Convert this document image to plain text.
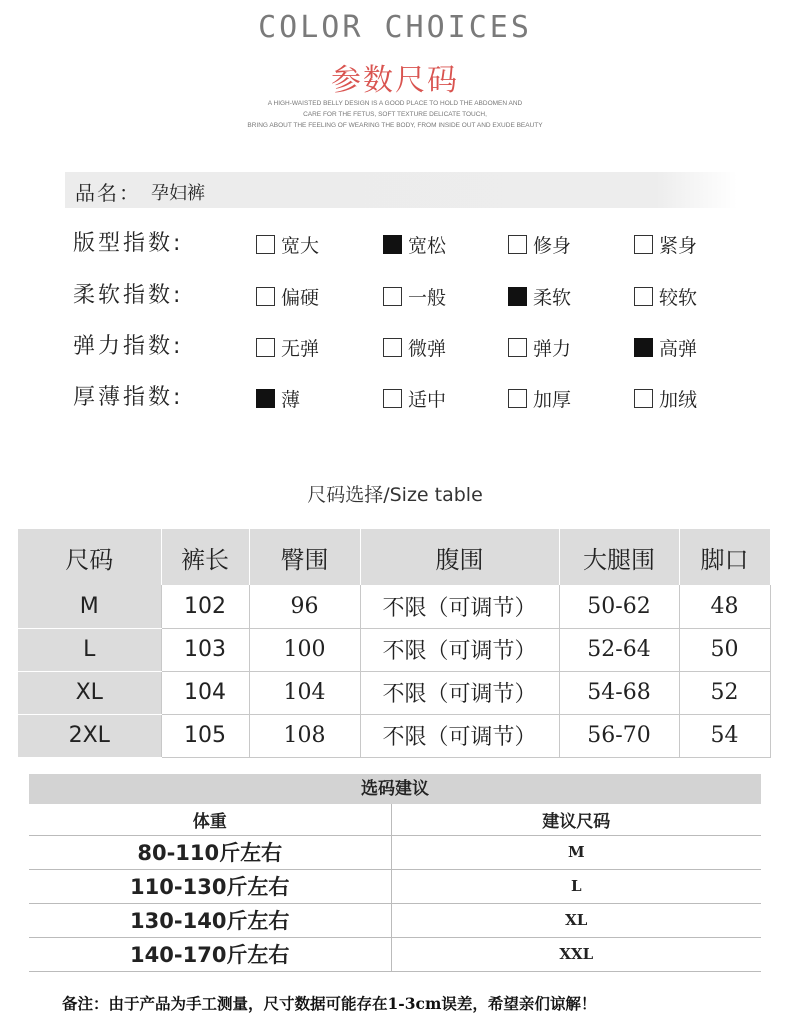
COLOR CHOICES
参数尺码
A HIGH-WAISTED BELLY DESIGN IS A GOOD PLACE TO HOLD THE ABDOMEN AND
CARE FOR THE FETUS, SOFT TEXTURE DELICATE TOUCH,
BRING ABOUT THE FEELING OF WEARING THE BODY, FROM INSIDE OUT AND EXUDE BEAUTY
品名： 孕妇裤
版型指数:	宽大	宽松	修身	紧身
柔软指数:	偏硬	一般	柔软	较软
弹力指数:	无弹	微弹	弹力	高弹
厚薄指数:	薄	适中	加厚	加绒
尺码选择/Size table
尺码	裤长	臀围	腹围	大腿围	脚口
M	102	96	不限（可调节）	50-62	48
L	103	100	不限（可调节）	52-64	50
XL	104	104	不限（可调节）	54-68	52
2XL	105	108	不限（可调节）	56-70	54
选码建议
体重	建议尺码
80-110斤左右	M
110-130斤左右	L
130-140斤左右	XL
140-170斤左右	XXL
备注：由于产品为手工测量，尺寸数据可能存在1-3cm误差，希望亲们谅解！
